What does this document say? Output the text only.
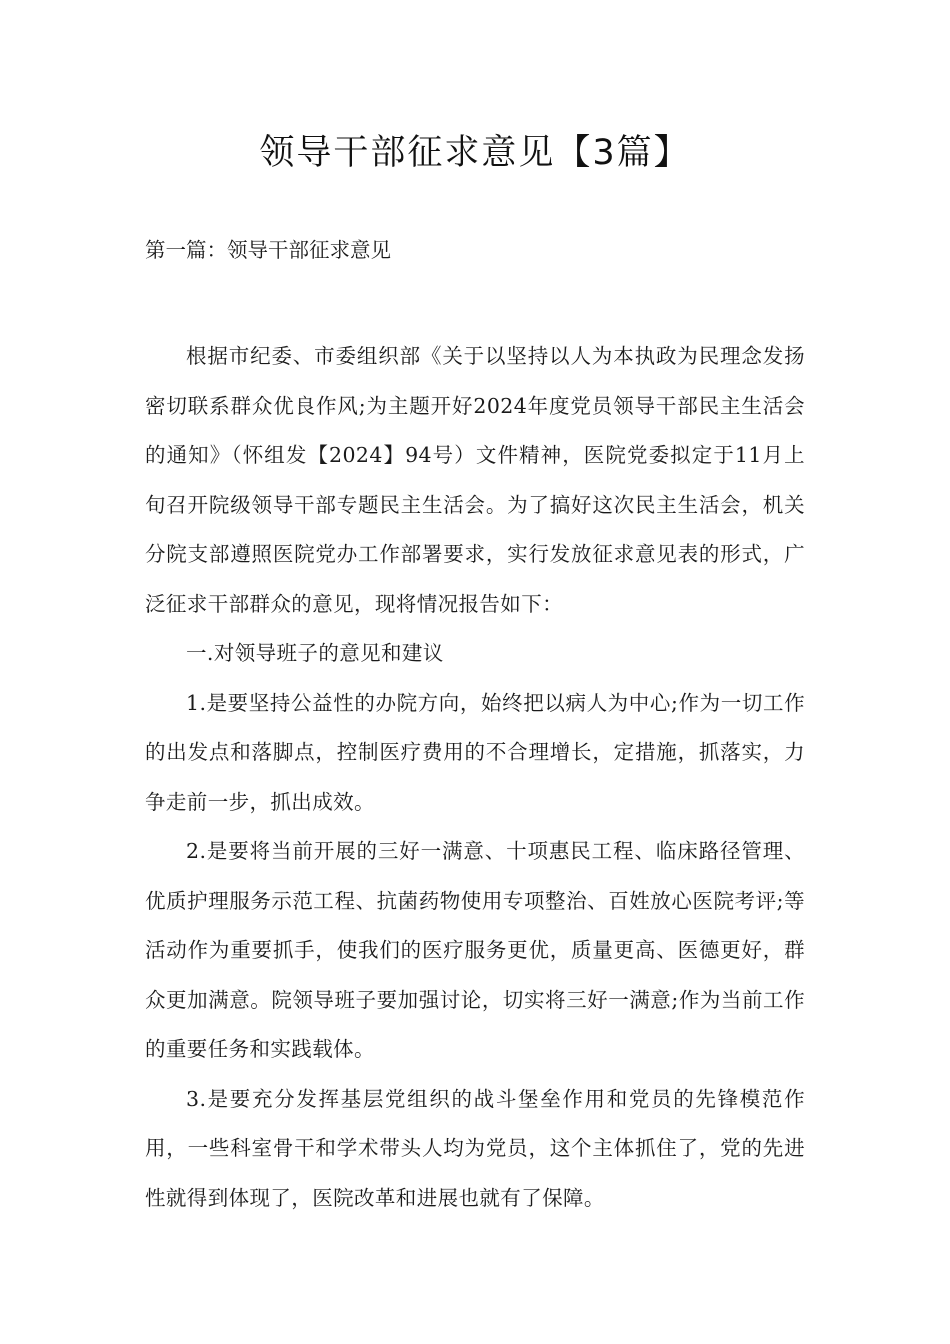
领导干部征求意见【3篇】
第一篇：领导干部征求意见

根据市纪委、市委组织部《关于以坚持以人为本执政为民理念发扬密切联系群众优良作风;为主题开好2024年度党员领导干部民主生活会的通知》（怀组发【2024】94号）文件精神，医院党委拟定于11月上旬召开院级领导干部专题民主生活会。为了搞好这次民主生活会，机关分院支部遵照医院党办工作部署要求，实行发放征求意见表的形式，广泛征求干部群众的意见，现将情况报告如下：

一.对领导班子的意见和建议

1.是要坚持公益性的办院方向，始终把以病人为中心;作为一切工作的出发点和落脚点，控制医疗费用的不合理增长，定措施，抓落实，力争走前一步，抓出成效。

2.是要将当前开展的三好一满意、十项惠民工程、临床路径管理、优质护理服务示范工程、抗菌药物使用专项整治、百姓放心医院考评;等活动作为重要抓手，使我们的医疗服务更优，质量更高、医德更好，群众更加满意。院领导班子要加强讨论，切实将三好一满意;作为当前工作的重要任务和实践载体。

3.是要充分发挥基层党组织的战斗堡垒作用和党员的先锋模范作用，一些科室骨干和学术带头人均为党员，这个主体抓住了，党的先进性就得到体现了，医院改革和进展也就有了保障。
